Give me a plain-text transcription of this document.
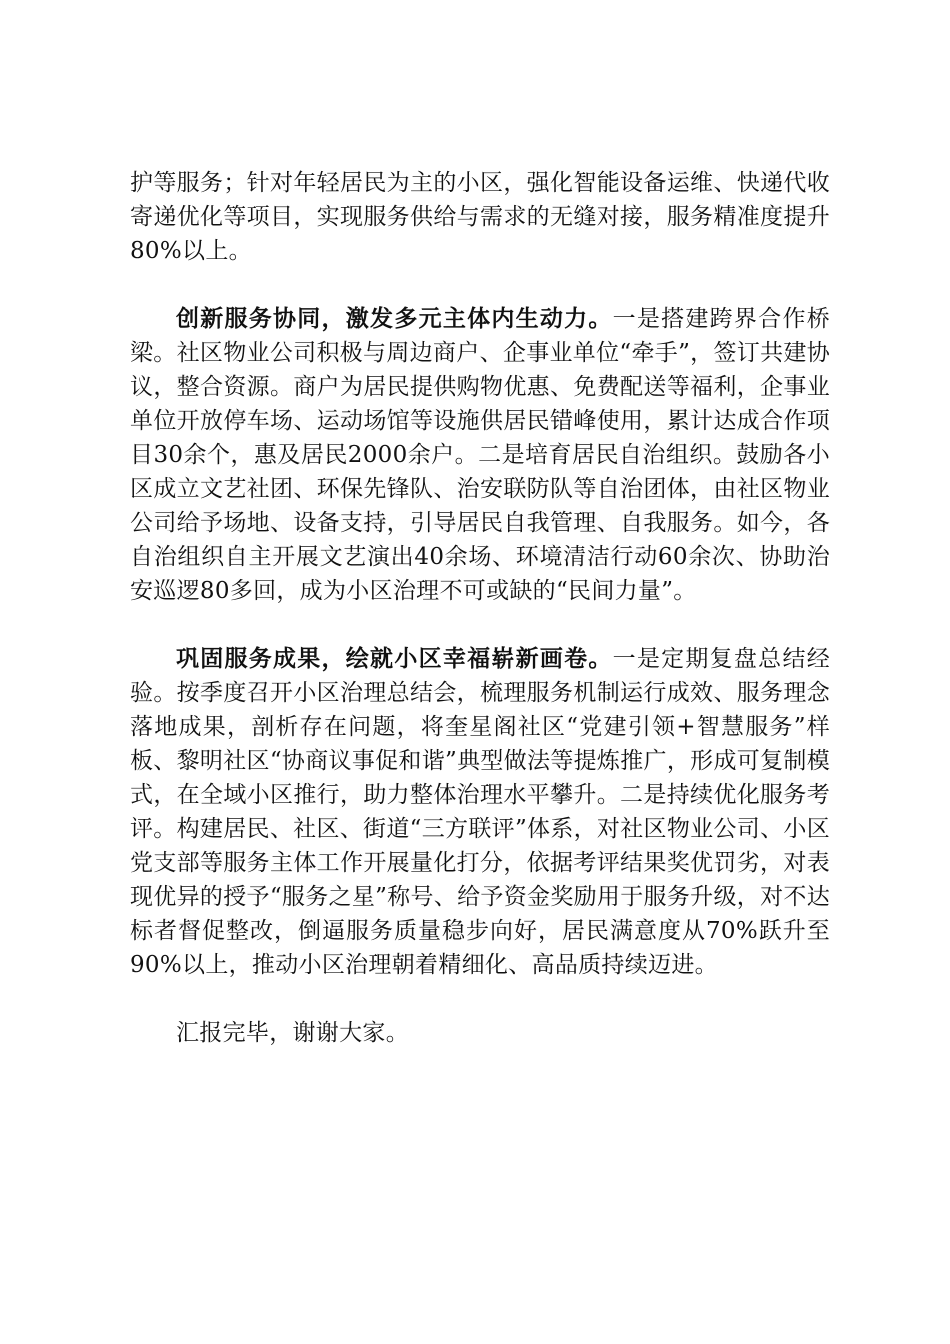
护等服务；针对年轻居民为主的小区，强化智能设备运维、快递代收寄递优化等项目，实现服务供给与需求的无缝对接，服务精准度提升80%以上。

创新服务协同，激发多元主体内生动力。一是搭建跨界合作桥梁。社区物业公司积极与周边商户、企事业单位“牵手”，签订共建协议，整合资源。商户为居民提供购物优惠、免费配送等福利，企事业单位开放停车场、运动场馆等设施供居民错峰使用，累计达成合作项目30余个，惠及居民2000余户。二是培育居民自治组织。鼓励各小区成立文艺社团、环保先锋队、治安联防队等自治团体，由社区物业公司给予场地、设备支持，引导居民自我管理、自我服务。如今，各自治组织自主开展文艺演出40余场、环境清洁行动60余次、协助治安巡逻80多回，成为小区治理不可或缺的“民间力量”。

巩固服务成果，绘就小区幸福崭新画卷。一是定期复盘总结经验。按季度召开小区治理总结会，梳理服务机制运行成效、服务理念落地成果，剖析存在问题，将奎星阁社区“党建引领+智慧服务”样板、黎明社区“协商议事促和谐”典型做法等提炼推广，形成可复制模式，在全域小区推行，助力整体治理水平攀升。二是持续优化服务考评。构建居民、社区、街道“三方联评”体系，对社区物业公司、小区党支部等服务主体工作开展量化打分，依据考评结果奖优罚劣，对表现优异的授予“服务之星”称号、给予资金奖励用于服务升级，对不达标者督促整改，倒逼服务质量稳步向好，居民满意度从70%跃升至90%以上，推动小区治理朝着精细化、高品质持续迈进。

汇报完毕，谢谢大家。
